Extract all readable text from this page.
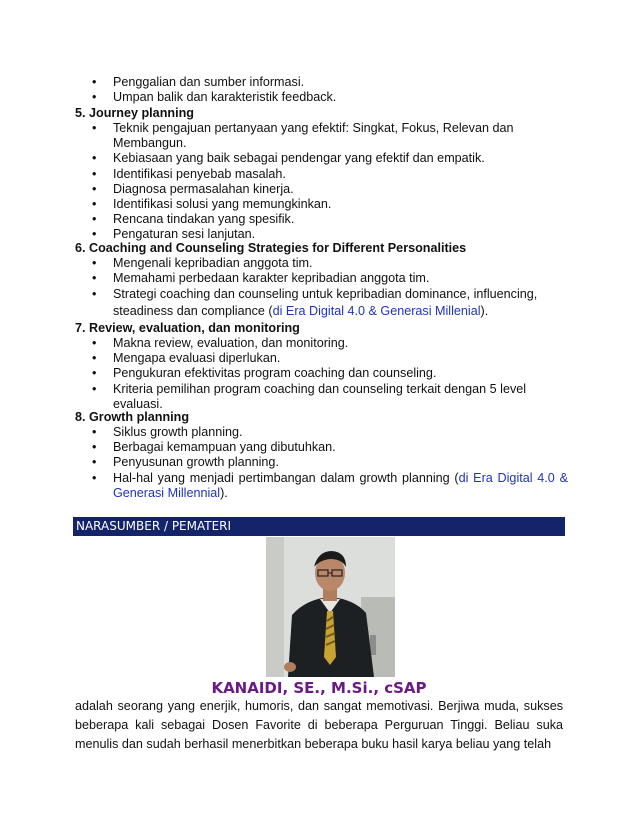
• Penggalian dan sumber informasi.
• Umpan balik dan karakteristik feedback.
5. Journey planning
• Teknik pengajuan pertanyaan yang efektif: Singkat, Fokus, Relevan dan Membangun.
• Kebiasaan yang baik sebagai pendengar yang efektif dan empatik.
• Identifikasi penyebab masalah.
• Diagnosa permasalahan kinerja.
• Identifikasi solusi yang memungkinkan.
• Rencana tindakan yang spesifik.
• Pengaturan sesi lanjutan.
6. Coaching and Counseling Strategies for Different Personalities
• Mengenali kepribadian anggota tim.
• Memahami perbedaan karakter kepribadian anggota tim.
• Strategi coaching dan counseling untuk kepribadian dominance, influencing, steadiness dan compliance (di Era Digital 4.0 & Generasi Millenial).
7. Review, evaluation, dan monitoring
• Makna review, evaluation, dan monitoring.
• Mengapa evaluasi diperlukan.
• Pengukuran efektivitas program coaching dan counseling.
• Kriteria pemilihan program coaching dan counseling terkait dengan 5 level evaluasi.
8. Growth planning
• Siklus growth planning.
• Berbagai kemampuan yang dibutuhkan.
• Penyusunan growth planning.
• Hal-hal yang menjadi pertimbangan dalam growth planning (di Era Digital 4.0 & Generasi Millennial).
NARASUMBER / PEMATERI
KANAIDI, SE., M.Si., cSAP
adalah seorang yang enerjik, humoris, dan sangat memotivasi. Berjiwa muda, sukses beberapa kali sebagai Dosen Favorite di beberapa Perguruan Tinggi. Beliau suka menulis dan sudah berhasil menerbitkan beberapa buku hasil karya beliau yang telah
